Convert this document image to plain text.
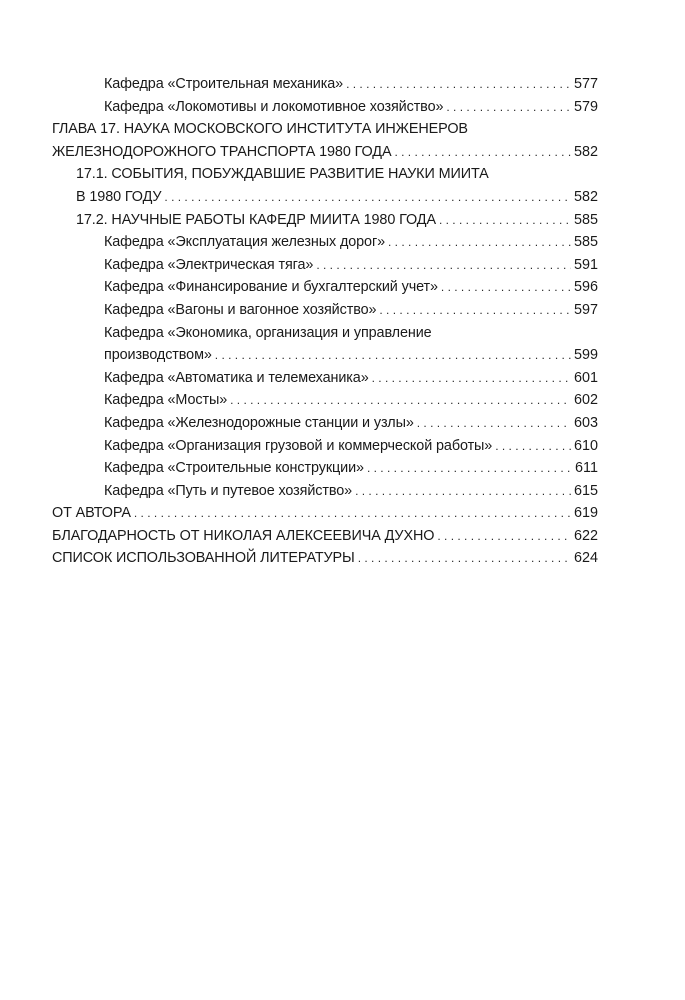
Кафедра «Строительная механика» . . .	577
Кафедра «Локомотивы и локомотивное хозяйство» . . .	579
ГЛАВА 17. НАУКА МОСКОВСКОГО ИНСТИТУТА ИНЖЕНЕРОВ
ЖЕЛЕЗНОДОРОЖНОГО ТРАНСПОРТА 1980 ГОДА . . .	582
17.1. СОБЫТИЯ, ПОБУЖДАВШИЕ РАЗВИТИЕ НАУКИ МИИТА
В 1980 ГОДУ . . .	582
17.2. НАУЧНЫЕ РАБОТЫ КАФЕДР МИИТА 1980 ГОДА . . .	585
Кафедра «Эксплуатация железных дорог» . . .	585
Кафедра «Электрическая тяга» . . .	591
Кафедра «Финансирование и бухгалтерский учет» . . .	596
Кафедра «Вагоны и вагонное хозяйство» . . .	597
Кафедра «Экономика, организация и управление
производством» . . .	599
Кафедра «Автоматика и телемеханика» . . .	601
Кафедра «Мосты» . . .	602
Кафедра «Железнодорожные станции и узлы» . . .	603
Кафедра «Организация грузовой и коммерческой работы» . . .	610
Кафедра «Строительные конструкции» . . .	611
Кафедра «Путь и путевое хозяйство» . . .	615
ОТ АВТОРА . . .	619
БЛАГОДАРНОСТЬ ОТ НИКОЛАЯ АЛЕКСЕЕВИЧА ДУХНО . . .	622
СПИСОК ИСПОЛЬЗОВАННОЙ ЛИТЕРАТУРЫ . . .	624
